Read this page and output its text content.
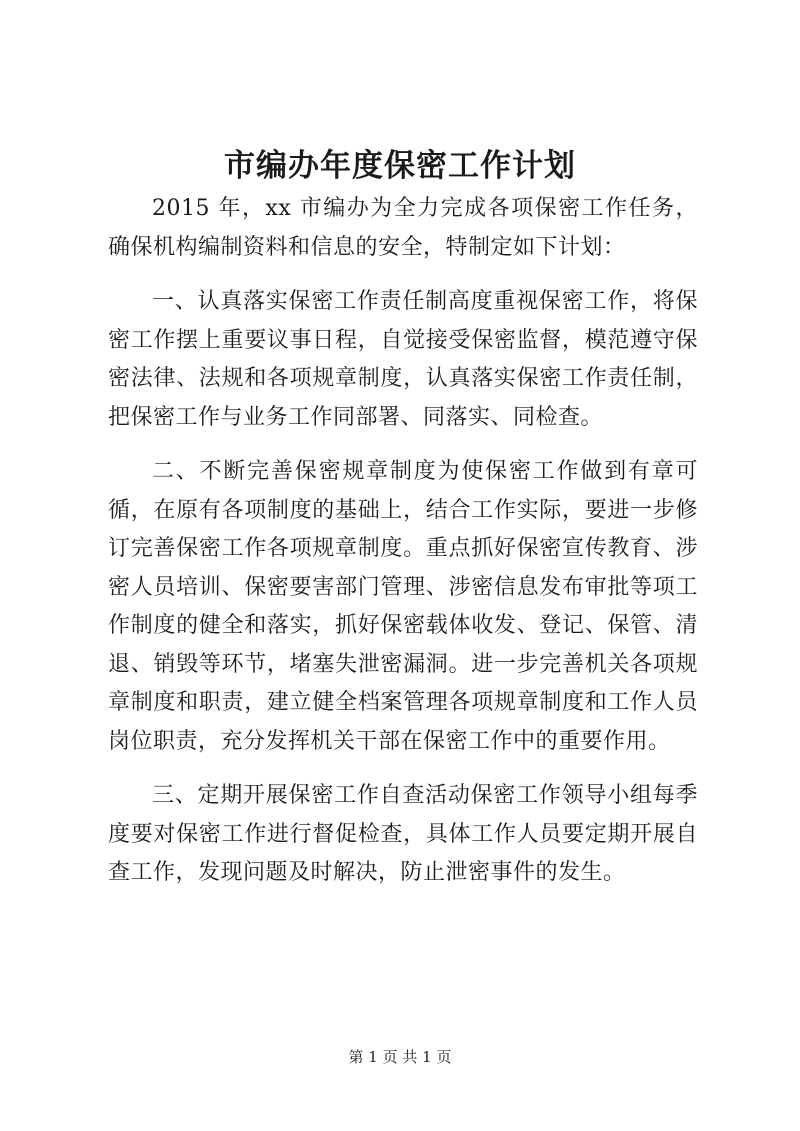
市编办年度保密工作计划

2015 年，xx 市编办为全力完成各项保密工作任务，确保机构编制资料和信息的安全，特制定如下计划：

一、认真落实保密工作责任制高度重视保密工作，将保密工作摆上重要议事日程，自觉接受保密监督，模范遵守保密法律、法规和各项规章制度，认真落实保密工作责任制，把保密工作与业务工作同部署、同落实、同检查。

二、不断完善保密规章制度为使保密工作做到有章可循，在原有各项制度的基础上，结合工作实际，要进一步修订完善保密工作各项规章制度。重点抓好保密宣传教育、涉密人员培训、保密要害部门管理、涉密信息发布审批等项工作制度的健全和落实，抓好保密载体收发、登记、保管、清退、销毁等环节，堵塞失泄密漏洞。进一步完善机关各项规章制度和职责，建立健全档案管理各项规章制度和工作人员岗位职责，充分发挥机关干部在保密工作中的重要作用。

三、定期开展保密工作自查活动保密工作领导小组每季度要对保密工作进行督促检查，具体工作人员要定期开展自查工作，发现问题及时解决，防止泄密事件的发生。

第 1 页 共 1 页
